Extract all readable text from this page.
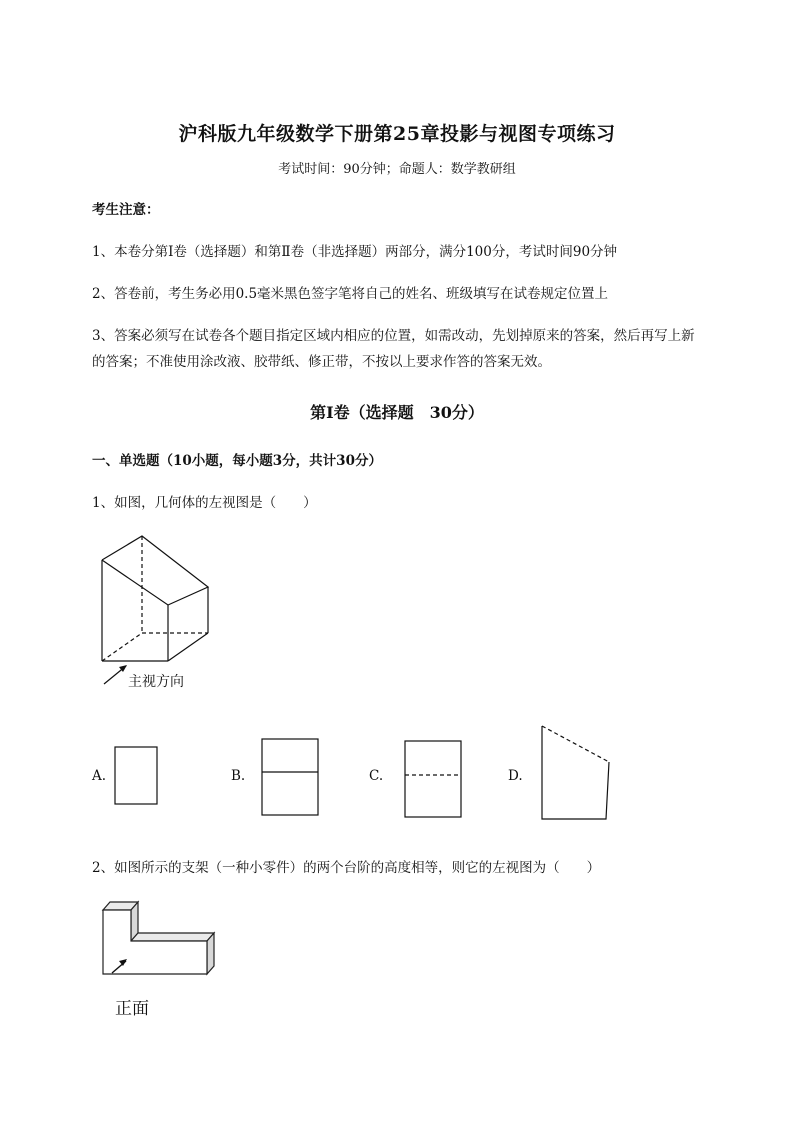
沪科版九年级数学下册第25章投影与视图专项练习
考试时间：90分钟；命题人：数学教研组
考生注意：
1、本卷分第I卷（选择题）和第Ⅱ卷（非选择题）两部分，满分100分，考试时间90分钟
2、答卷前，考生务必用0.5毫米黑色签字笔将自己的姓名、班级填写在试卷规定位置上
3、答案必须写在试卷各个题目指定区域内相应的位置，如需改动，先划掉原来的答案，然后再写上新
的答案；不准使用涂改液、胶带纸、修正带，不按以上要求作答的答案无效。
第I卷（选择题　30分）
一、单选题（10小题，每小题3分，共计30分）
1、如图，几何体的左视图是（　　）
主视方向
A.	B.	C.	D.
2、如图所示的支架（一种小零件）的两个台阶的高度相等，则它的左视图为（　　）
正面
